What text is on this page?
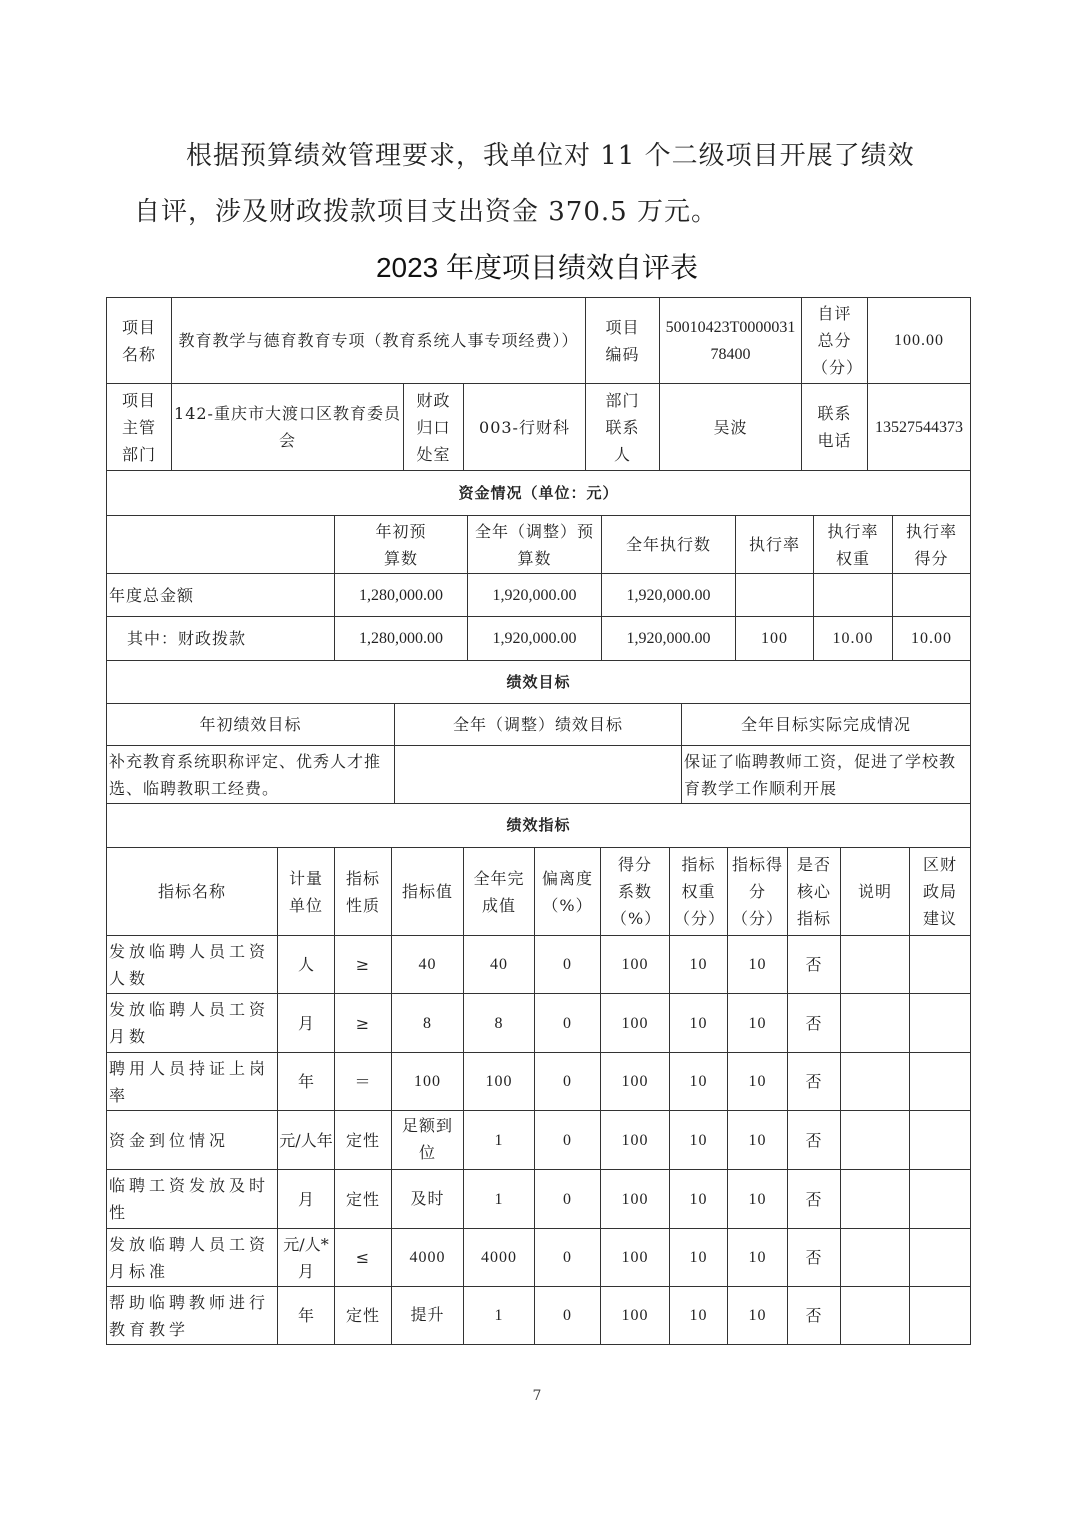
根据预算绩效管理要求，我单位对 11 个二级项目开展了绩效
自评，涉及财政拨款项目支出资金 370.5 万元。
2023 年度项目绩效自评表
项目名称	教育教学与德育教育专项（教育系统人事专项经费））			项目编码	50010423T000003178400	自评总分（分）	100.00
项目主管部门	142-重庆市大渡口区教育委员会	财政归口处室	003-行财科	部门联系人	吴波	联系电话	13527544373
资金情况（单位：元）						
	年初预算数	全年（调整）预算数	全年执行数	执行率	执行率权重	执行率得分
年度总金额	1,280,000.00	1,920,000.00	1,920,000.00			
其中：财政拨款	1,280,000.00	1,920,000.00	1,920,000.00	100	10.00	10.00
绩效目标		
年初绩效目标	全年（调整）绩效目标	全年目标实际完成情况
补充教育系统职称评定、优秀人才推选、临聘教职工经费。		保证了临聘教师工资，促进了学校教育教学工作顺利开展
绩效指标											
指标名称	计量单位	指标性质	指标值	全年完成值	偏离度（%）	得分系数（%）	指标权重（分）	指标得分（分）	是否核心指标	说明	区财政局建议
发放临聘人员工资人数	人	≥	40	40	0	100	10	10	否		
发放临聘人员工资月数	月	≥	8	8	0	100	10	10	否		
聘用人员持证上岗率	年	＝	100	100	0	100	10	10	否		
资金到位情况	元/人年	定性	足额到位	1	0	100	10	10	否		
临聘工资发放及时性	月	定性	及时	1	0	100	10	10	否		
发放临聘人员工资月标准	元/人*月	≤	4000	4000	0	100	10	10	否		
帮助临聘教师进行教育教学	年	定性	提升	1	0	100	10	10	否		
7
